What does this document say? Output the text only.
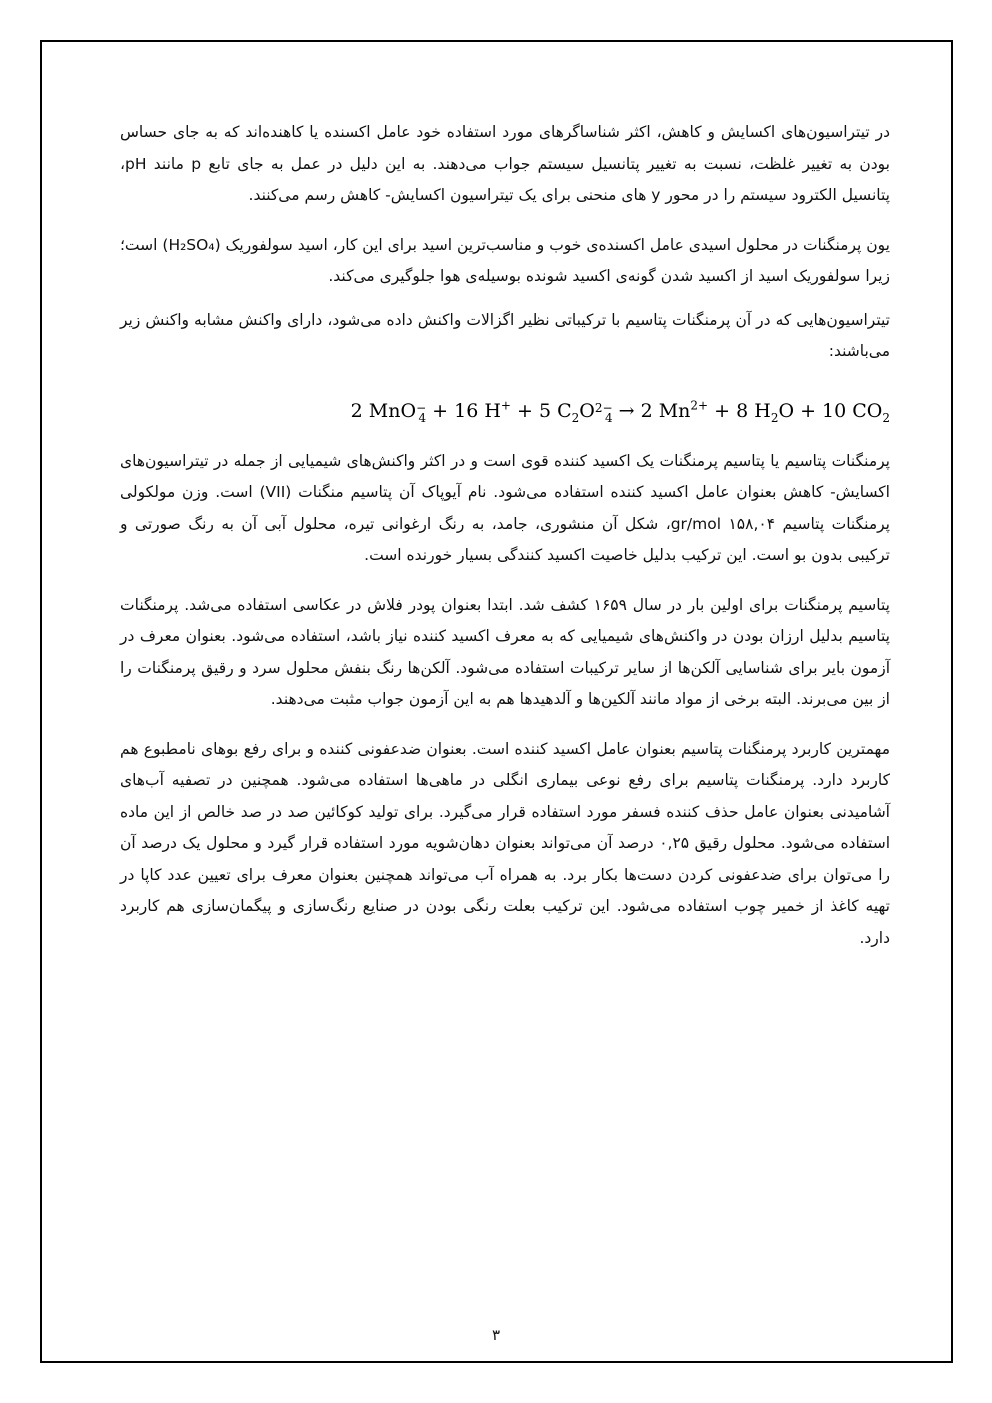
در تیتراسیون‌های اکسایش و کاهش، اکثر شناساگرهای مورد استفاده خود عامل اکسنده یا کاهنده‌اند که به جای حساس بودن به تغییر غلظت، نسبت به تغییر پتانسیل سیستم جواب می‌دهند. به این دلیل در عمل به جای تابع p مانند pH، پتانسیل الکترود سیستم را در محور y های منحنی برای یک تیتراسیون اکسایش- کاهش رسم می‌کنند.

یون پرمنگنات در محلول اسیدی عامل اکسنده‌ی خوب و مناسب‌ترین اسید برای این کار، اسید سولفوریک (H₂SO₄) است؛ زیرا سولفوریک اسید از اکسید شدن گونه‌ی اکسید شونده بوسیله‌ی هوا جلوگیری می‌کند.

تیتراسیون‌هایی که در آن پرمنگنات پتاسیم با ترکیباتی نظیر اگزالات واکنش داده می‌شود، دارای واکنش مشابه واکنش زیر می‌باشند:

2 MnO −
4 + 16 H+ + 5 $C_2O$ 2−
4 → 2 $Mn^{2+} + 8$ $H_2O + 10$ $CO_2$

پرمنگنات پتاسیم یا پتاسیم پرمنگنات یک اکسید کننده قوی است و در اکثر واکنش‌های شیمیایی از جمله در تیتراسیون‌های اکسایش- کاهش بعنوان عامل اکسید کننده استفاده می‌شود. نام آیوپاک آن پتاسیم منگنات (VII) است. وزن مولکولی پرمنگنات پتاسیم gr/mol ۱۵۸,۰۴، شکل آن منشوری، جامد، به رنگ ارغوانی تیره، محلول آبی آن به رنگ صورتی و ترکیبی بدون بو است. این ترکیب بدلیل خاصیت اکسید کنندگی بسیار خورنده است.

پتاسیم پرمنگنات برای اولین بار در سال ۱۶۵۹ کشف شد. ابتدا بعنوان پودر فلاش در عکاسی استفاده می‌شد. پرمنگنات پتاسیم بدلیل ارزان بودن در واکنش‌های شیمیایی که به معرف اکسید کننده نیاز باشد، استفاده می‌شود. بعنوان معرف در آزمون بایر برای شناسایی آلکن‌ها از سایر ترکیبات استفاده می‌شود. آلکن‌ها رنگ بنفش محلول سرد و رقیق پرمنگنات را از بین می‌برند. البته برخی از مواد مانند آلکین‌ها و آلدهیدها هم به این آزمون جواب مثبت می‌دهند.

مهمترین کاربرد پرمنگنات پتاسیم بعنوان عامل اکسید کننده است. بعنوان ضدعفونی کننده و برای رفع بوهای نامطبوع هم کاربرد دارد. پرمنگنات پتاسیم برای رفع نوعی بیماری انگلی در ماهی‌ها استفاده می‌شود. همچنین در تصفیه آب‌های آشامیدنی بعنوان عامل حذف کننده فسفر مورد استفاده قرار می‌گیرد. برای تولید کوکائین صد در صد خالص از این ماده استفاده می‌شود. محلول رقیق ۰,۲۵ درصد آن می‌تواند بعنوان دهان‌شویه مورد استفاده قرار گیرد و محلول یک درصد آن را می‌توان برای ضدعفونی کردن دست‌ها بکار برد. به همراه آب می‌تواند همچنین بعنوان معرف برای تعیین عدد کاپا در تهیه کاغذ از خمیر چوب استفاده می‌شود. این ترکیب بعلت رنگی بودن در صنایع رنگ‌سازی و پیگمان‌سازی هم کاربرد دارد.

۳
